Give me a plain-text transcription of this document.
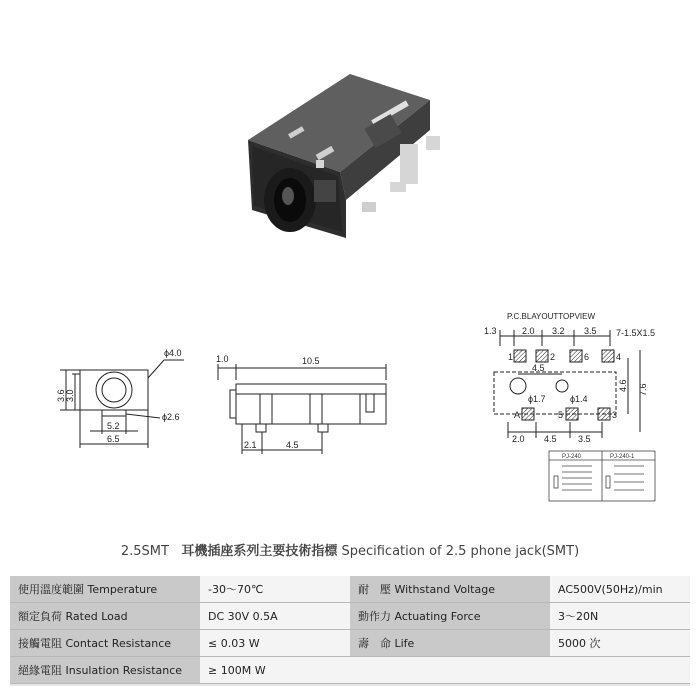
ϕ4.0
ϕ2.6
3.6 3.0
5.2
6.5
1.0	10.5
2.1	4.5
P.C.BLAYOUTTOPVIEW
1.3	2.0 3.2 3.5 7-1.5X1.5
1	2	6	4
4.5
ϕ1.7	ϕ1.4
4.6 7.6
A	5	3
2.0 4.5 3.5
PJ-240	PJ-240-1
2.5SMT 耳機插座系列主要技術指標 Specification of 2.5 phone jack(SMT)
使用溫度範圍 Temperature	-30～70℃		耐　壓 Withstand Voltage	AC500V(50Hz)/min
額定負荷 Rated Load	DC 30V 0.5A		動作力 Actuating Force	3～20N
接觸電阻 Contact Resistance	≤ 0.03 W		壽　命 Life	5000 次
絕緣電阻 Insulation Resistance	≥ 100M W			
